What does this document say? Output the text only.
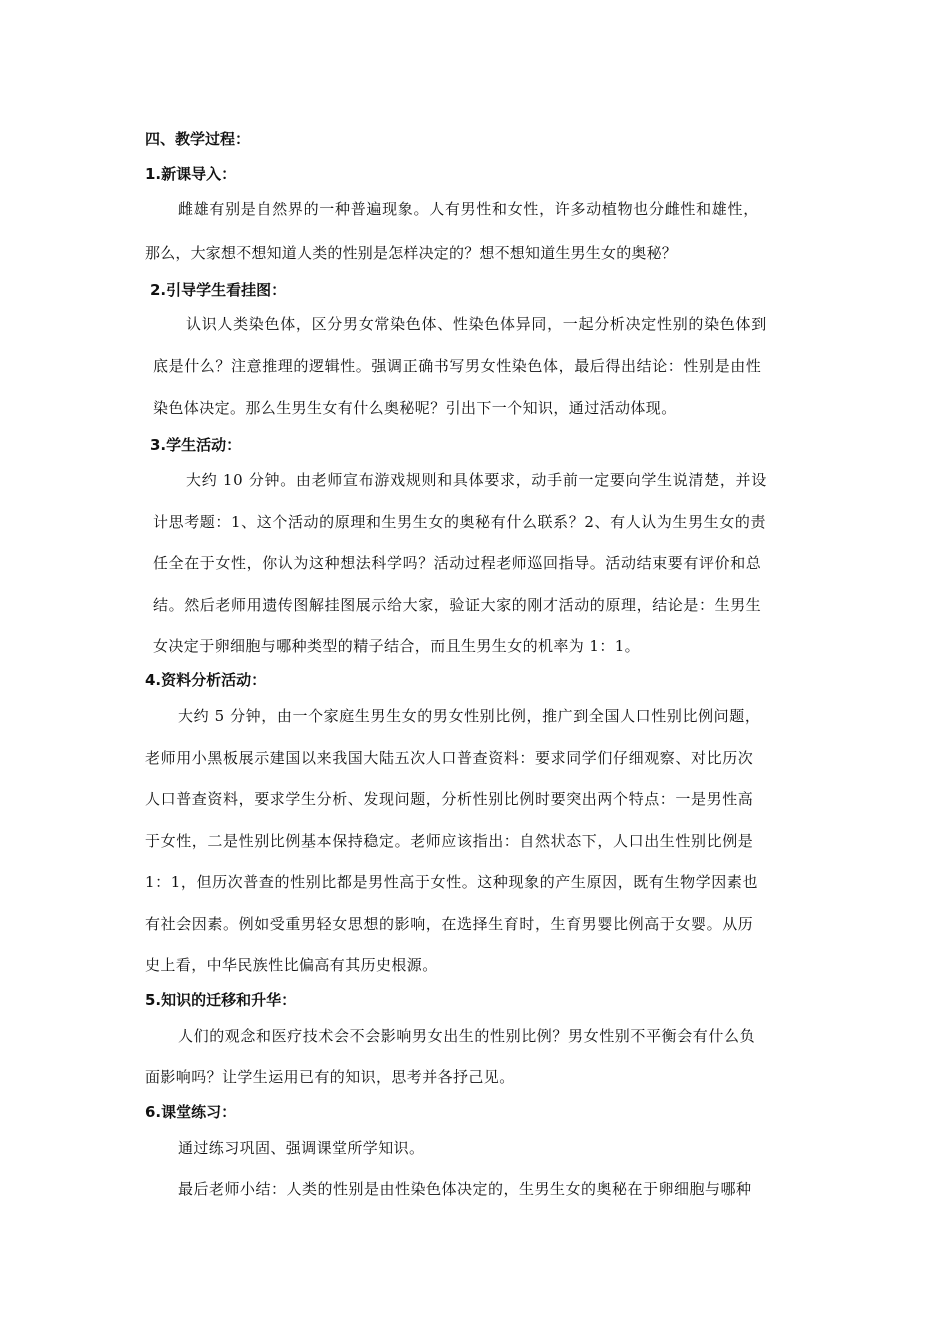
四、教学过程：
1.新课导入：
雌雄有别是自然界的一种普遍现象。人有男性和女性，许多动植物也分雌性和雄性，
那么，大家想不想知道人类的性别是怎样决定的？想不想知道生男生女的奥秘？
2.引导学生看挂图：
认识人类染色体，区分男女常染色体、性染色体异同，一起分析决定性别的染色体到
底是什么？注意推理的逻辑性。强调正确书写男女性染色体，最后得出结论：性别是由性
染色体决定。那么生男生女有什么奥秘呢？引出下一个知识，通过活动体现。
3.学生活动：
大约 10 分钟。由老师宣布游戏规则和具体要求，动手前一定要向学生说清楚，并设
计思考题：1、这个活动的原理和生男生女的奥秘有什么联系？2、有人认为生男生女的责
任全在于女性，你认为这种想法科学吗？活动过程老师巡回指导。活动结束要有评价和总
结。然后老师用遗传图解挂图展示给大家，验证大家的刚才活动的原理，结论是：生男生
女决定于卵细胞与哪种类型的精子结合，而且生男生女的机率为 1：1。
4.资料分析活动：
大约 5 分钟，由一个家庭生男生女的男女性别比例，推广到全国人口性别比例问题，
老师用小黑板展示建国以来我国大陆五次人口普查资料：要求同学们仔细观察、对比历次
人口普查资料，要求学生分析、发现问题，分析性别比例时要突出两个特点：一是男性高
于女性，二是性别比例基本保持稳定。老师应该指出：自然状态下，人口出生性别比例是
1：1，但历次普查的性别比都是男性高于女性。这种现象的产生原因，既有生物学因素也
有社会因素。例如受重男轻女思想的影响，在选择生育时，生育男婴比例高于女婴。从历
史上看，中华民族性比偏高有其历史根源。
5.知识的迁移和升华：
人们的观念和医疗技术会不会影响男女出生的性别比例？男女性别不平衡会有什么负
面影响吗？让学生运用已有的知识，思考并各抒己见。
6.课堂练习：
通过练习巩固、强调课堂所学知识。
最后老师小结：人类的性别是由性染色体决定的，生男生女的奥秘在于卵细胞与哪种
